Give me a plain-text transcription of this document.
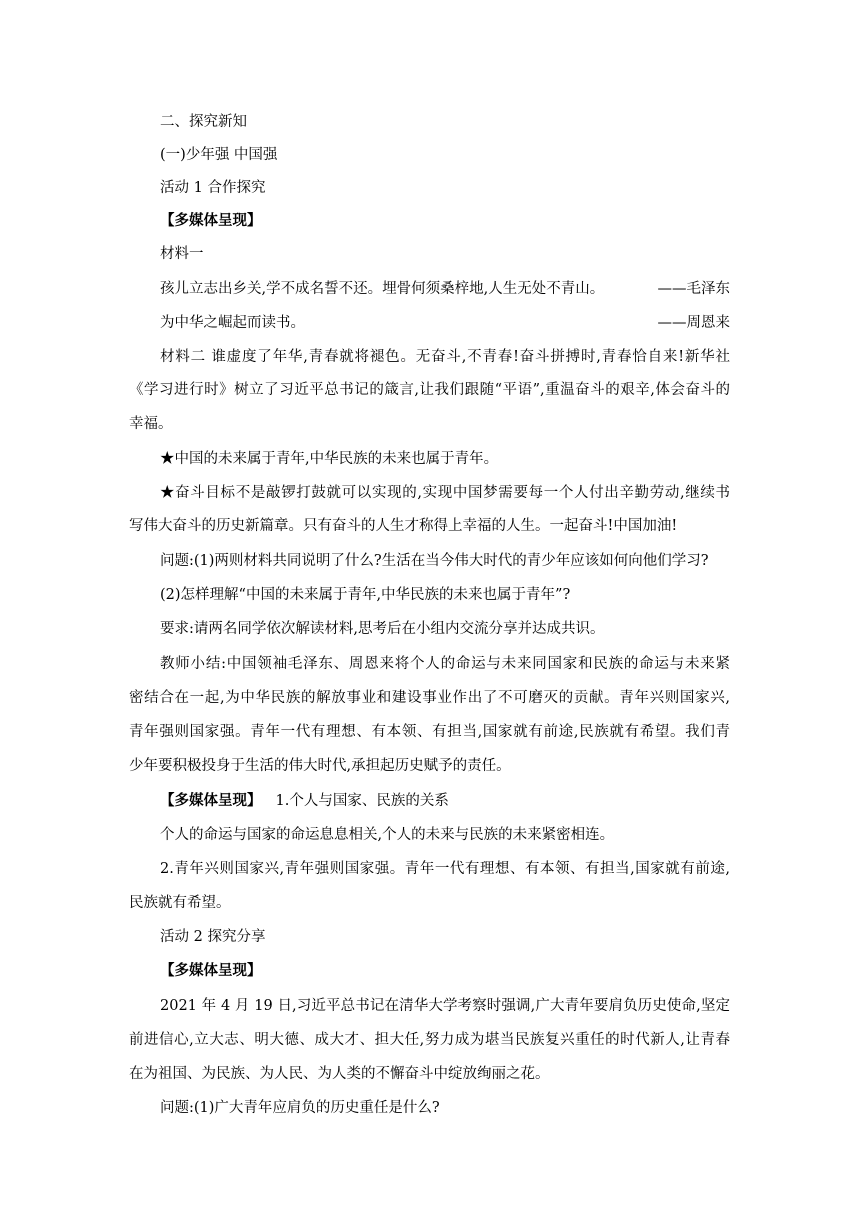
二、探究新知
(一)少年强 中国强
活动 1 合作探究
【多媒体呈现】
材料一
孩儿立志出乡关,学不成名誓不还。埋骨何须桑梓地,人生无处不青山。	——毛泽东
为中华之崛起而读书。	——周恩来
材料二 谁虚度了年华,青春就将褪色。无奋斗,不青春!奋斗拼搏时,青春恰自来!新华社
《学习进行时》树立了习近平总书记的箴言,让我们跟随“平语”,重温奋斗的艰辛,体会奋斗的
幸福。
★中国的未来属于青年,中华民族的未来也属于青年。
★奋斗目标不是敲锣打鼓就可以实现的,实现中国梦需要每一个人付出辛勤劳动,继续书
写伟大奋斗的历史新篇章。只有奋斗的人生才称得上幸福的人生。一起奋斗!中国加油!
问题:(1)两则材料共同说明了什么?生活在当今伟大时代的青少年应该如何向他们学习?
(2)怎样理解“中国的未来属于青年,中华民族的未来也属于青年”?
要求:请两名同学依次解读材料,思考后在小组内交流分享并达成共识。
教师小结:中国领袖毛泽东、周恩来将个人的命运与未来同国家和民族的命运与未来紧
密结合在一起,为中华民族的解放事业和建设事业作出了不可磨灭的贡献。青年兴则国家兴,
青年强则国家强。青年一代有理想、有本领、有担当,国家就有前途,民族就有希望。我们青
少年要积极投身于生活的伟大时代,承担起历史赋予的责任。
【多媒体呈现】 1.个人与国家、民族的关系
个人的命运与国家的命运息息相关,个人的未来与民族的未来紧密相连。
2.青年兴则国家兴,青年强则国家强。青年一代有理想、有本领、有担当,国家就有前途,
民族就有希望。
活动 2 探究分享
【多媒体呈现】
2021 年 4 月 19 日,习近平总书记在清华大学考察时强调,广大青年要肩负历史使命,坚定
前进信心,立大志、明大德、成大才、担大任,努力成为堪当民族复兴重任的时代新人,让青春
在为祖国、为民族、为人民、为人类的不懈奋斗中绽放绚丽之花。
问题:(1)广大青年应肩负的历史重任是什么?
